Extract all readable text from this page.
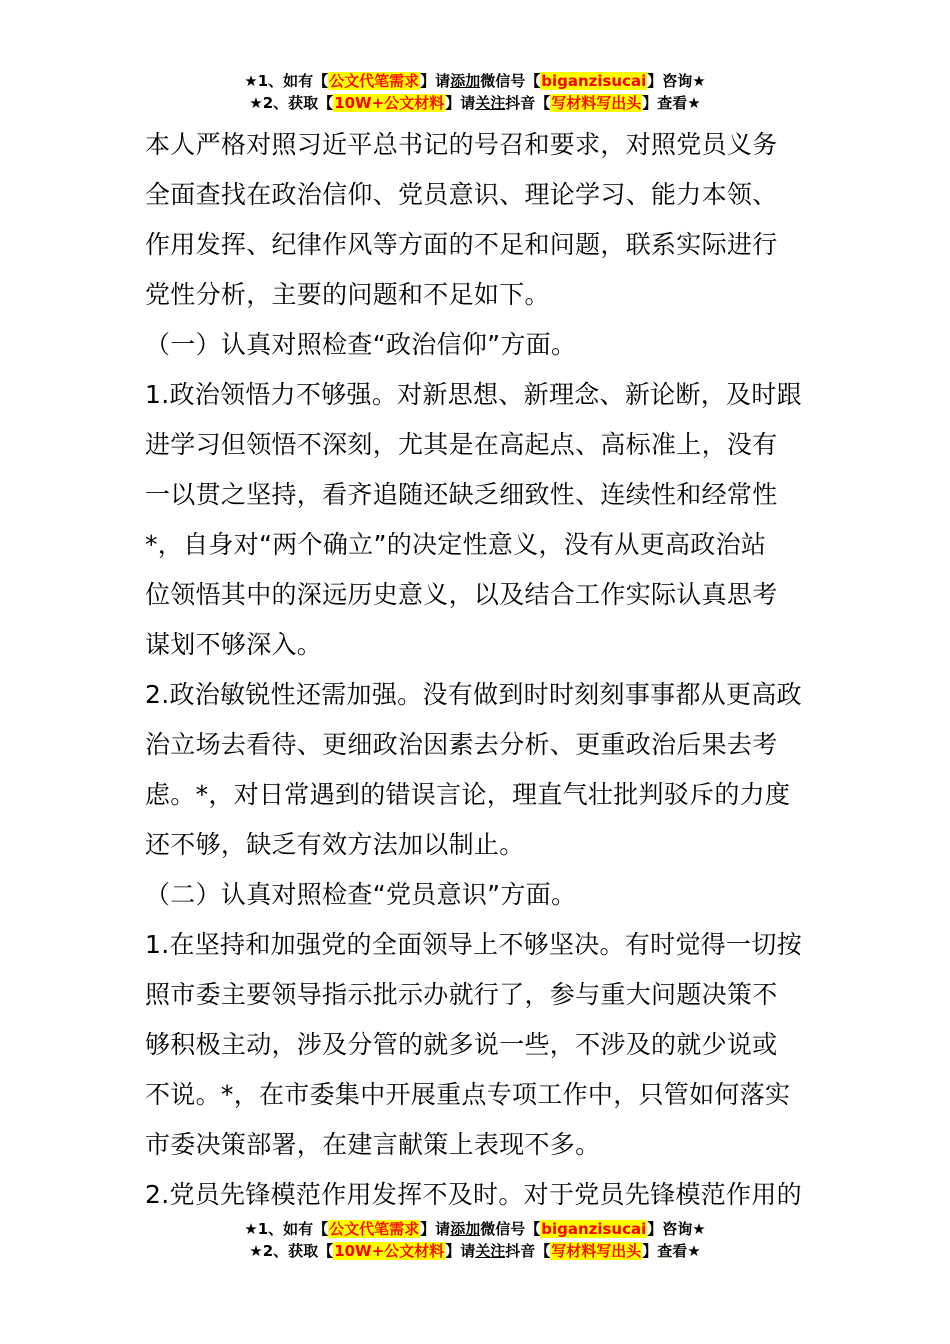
★1、如有【公文代笔需求】请添加微信号【biganzisucai】咨询★
★2、获取【10W+公文材料】请关注抖音【写材料写出头】查看★
本人严格对照习近平总书记的号召和要求，对照党员义务
全面查找在政治信仰、党员意识、理论学习、能力本领、
作用发挥、纪律作风等方面的不足和问题，联系实际进行
党性分析，主要的问题和不足如下。
（一）认真对照检查“政治信仰”方面。
1.政治领悟力不够强。对新思想、新理念、新论断，及时跟
进学习但领悟不深刻，尤其是在高起点、高标准上，没有
一以贯之坚持，看齐追随还缺乏细致性、连续性和经常性
*，自身对“两个确立”的决定性意义，没有从更高政治站
位领悟其中的深远历史意义，以及结合工作实际认真思考
谋划不够深入。
2.政治敏锐性还需加强。没有做到时时刻刻事事都从更高政
治立场去看待、更细政治因素去分析、更重政治后果去考
虑。*，对日常遇到的错误言论，理直气壮批判驳斥的力度
还不够，缺乏有效方法加以制止。
（二）认真对照检查“党员意识”方面。
1.在坚持和加强党的全面领导上不够坚决。有时觉得一切按
照市委主要领导指示批示办就行了，参与重大问题决策不
够积极主动，涉及分管的就多说一些，不涉及的就少说或
不说。*，在市委集中开展重点专项工作中，只管如何落实
市委决策部署，在建言献策上表现不多。
2.党员先锋模范作用发挥不及时。对于党员先锋模范作用的
★1、如有【公文代笔需求】请添加微信号【biganzisucai】咨询★
★2、获取【10W+公文材料】请关注抖音【写材料写出头】查看★
